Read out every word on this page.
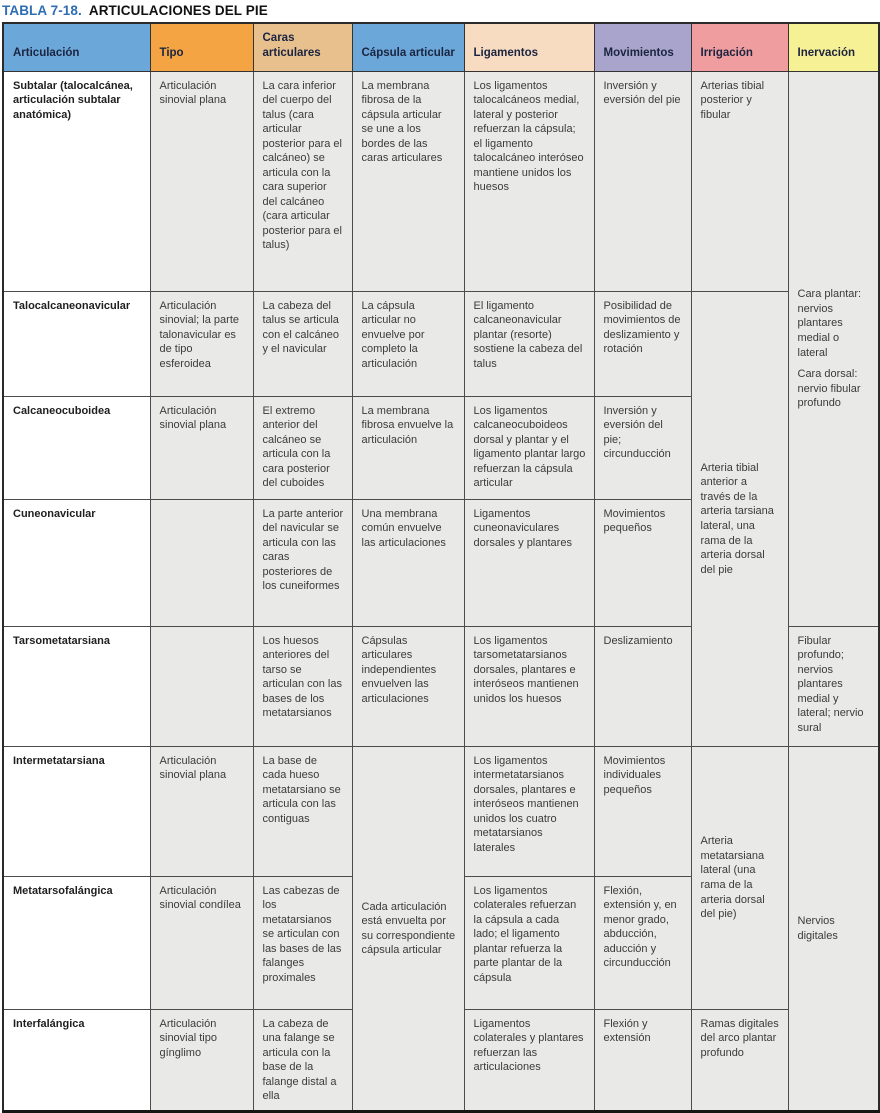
TABLA 7-18. ARTICULACIONES DEL PIE
Articulación	Tipo	Caras articulares	Cápsula articular	Ligamentos	Movimientos	Irrigación	Inervación
Subtalar (talocalcánea, articulación subtalar anatómica)	Articulación sinovial plana	La cara inferior del cuerpo del talus (cara articular posterior para el calcáneo) se articula con la cara superior del calcáneo (cara articular posterior para el talus)	La membrana fibrosa de la cápsula articular se une a los bordes de las caras articulares	Los ligamentos talocalcáneos medial, lateral y posterior refuerzan la cápsula; el ligamento talocalcáneo interóseo mantiene unidos los huesos	Inversión y eversión del pie	Arterias tibial posterior y fibular	Cara plantar: nervios plantares medial o lateral
Cara dorsal: nervio fibular profundo

Talocalcaneonavicular	Articulación sinovial; la parte talonavicular es de tipo esferoidea	La cabeza del talus se articula con el calcáneo y el navicular	La cápsula articular no envuelve por completo la articulación	El ligamento calcaneonavicular plantar (resorte) sostiene la cabeza del talus	Posibilidad de movimientos de deslizamiento y rotación	Arteria tibial anterior a través de la arteria tarsiana lateral, una rama de la arteria dorsal del pie	
Calcaneocuboidea	Articulación sinovial plana	El extremo anterior del calcáneo se articula con la cara posterior del cuboides	La membrana fibrosa envuelve la articulación	Los ligamentos calcaneocuboideos dorsal y plantar y el ligamento plantar largo refuerzan la cápsula articular	Inversión y eversión del pie; circunducción		
Cuneonavicular		La parte anterior del navicular se articula con las caras posteriores de los cuneiformes	Una membrana común envuelve las articulaciones	Ligamentos cuneonaviculares dorsales y plantares	Movimientos pequeños		
Tarsometatarsiana		Los huesos anteriores del tarso se articulan con las bases de los metatarsianos	Cápsulas articulares independientes envuelven las articulaciones	Los ligamentos tarsometatarsianos dorsales, plantares e interóseos mantienen unidos los huesos	Deslizamiento		Fibular profundo; nervios plantares medial y lateral; nervio sural
Intermetatarsiana	Articulación sinovial plana	La base de cada hueso metatarsiano se articula con las contiguas	Cada articulación está envuelta por su correspondiente cápsula articular	Los ligamentos intermetatarsianos dorsales, plantares e interóseos mantienen unidos los cuatro metatarsianos laterales	Movimientos individuales pequeños	Arteria metatarsiana lateral (una rama de la arteria dorsal del pie)	Nervios digitales
Metatarsofalángica	Articulación sinovial condílea	Las cabezas de los metatarsianos se articulan con las bases de las falanges proximales		Los ligamentos colaterales refuerzan la cápsula a cada lado; el ligamento plantar refuerza la parte plantar de la cápsula	Flexión, extensión y, en menor grado, abducción, aducción y circunducción		
Interfalángica	Articulación sinovial tipo gínglimo	La cabeza de una falange se articula con la base de la falange distal a ella		Ligamentos colaterales y plantares refuerzan las articulaciones	Flexión y extensión	Ramas digitales del arco plantar profundo	
